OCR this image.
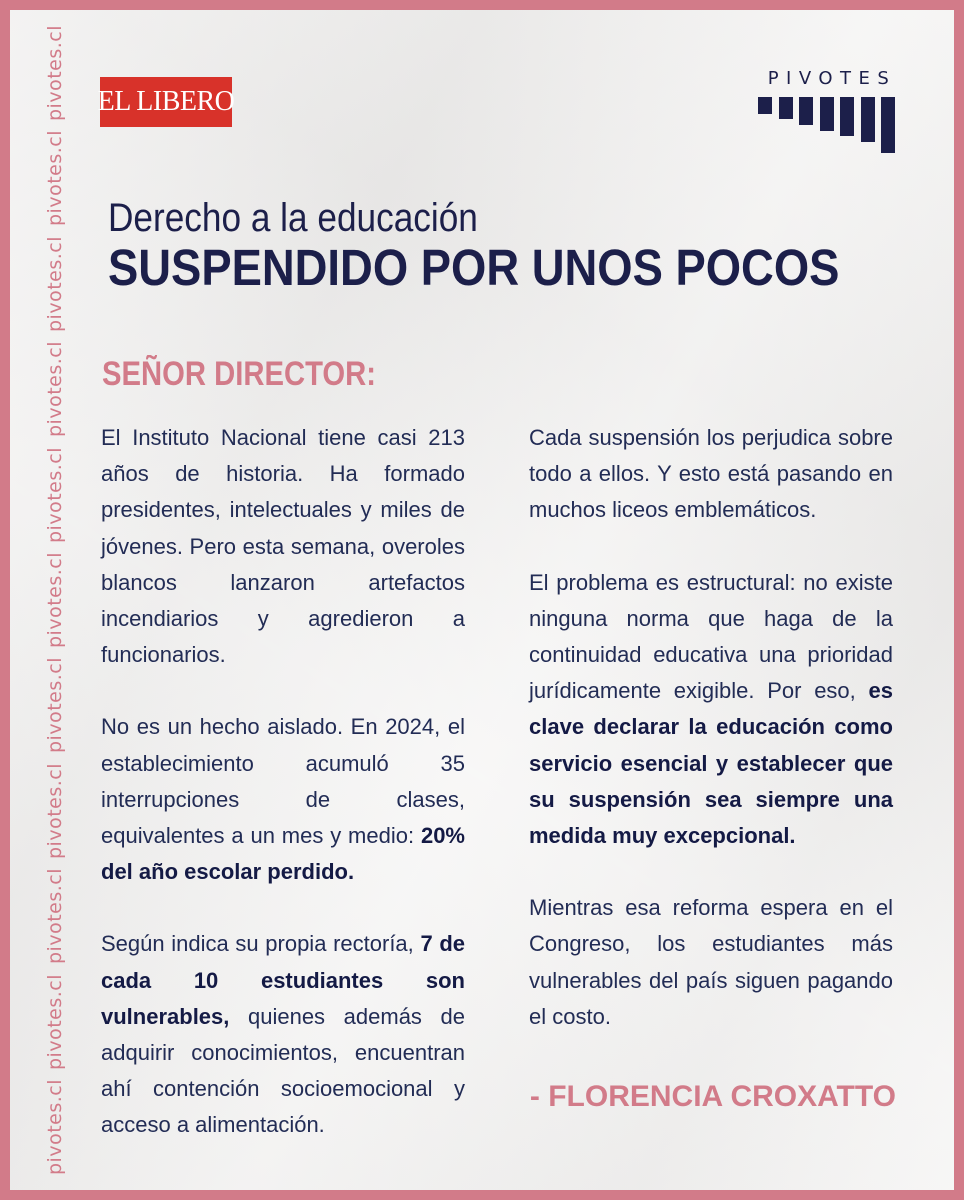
pivotes.cl
pivotes.cl
pivotes.cl
pivotes.cl
pivotes.cl
pivotes.cl
pivotes.cl
pivotes.cl
pivotes.cl
pivotes.cl
pivotes.cl
EL LIBERO
PIVOTES
Derecho a la educación
SUSPENDIDO POR UNOS POCOS
SEÑOR DIRECTOR:

El Instituto Nacional tiene casi 213 años de historia. Ha formado presidentes, intelectuales y miles de jóvenes. Pero esta semana, overoles blancos lanzaron artefactos incendiarios y agredieron a funcionarios.

No es un hecho aislado. En 2024, el establecimiento acumuló 35 interrupciones de clases, equivalentes a un mes y medio: 20% del año escolar perdido.

Según indica su propia rectoría, 7 de cada 10 estudiantes son vulnerables, quienes además de adquirir conocimientos, encuentran ahí contención socioemocional y acceso a alimentación.

Cada suspensión los perjudica sobre todo a ellos. Y esto está pasando en muchos liceos emblemáticos.

El problema es estructural: no existe ninguna norma que haga de la continuidad educativa una prioridad jurídicamente exigible. Por eso, es clave declarar la educación como servicio esencial y establecer que su suspensión sea siempre una medida muy excepcional.

Mientras esa reforma espera en el Congreso, los estudiantes más vulnerables del país siguen pagando el costo.

- FLORENCIA CROXATTO
